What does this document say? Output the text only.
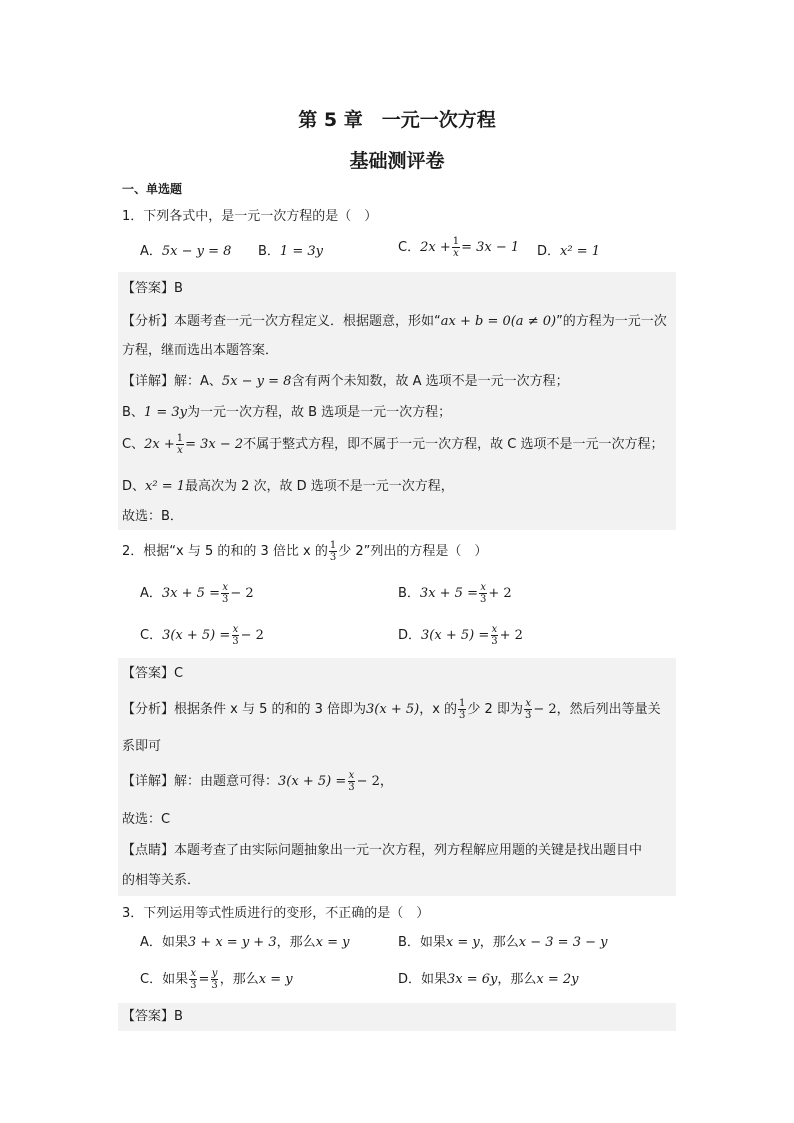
第 5 章　一元一次方程
基础测评卷
一、单选题
1．下列各式中，是一元一次方程的是（　）
A．5x − y = 8 B．1 = 3y	C．$2x + \frac{1}{x} = 3x - 1$ D．x² = 1
【答案】B
【分析】本题考查一元一次方程定义．根据题意，形如“ax + b = 0(a ≠ 0)”的方程为一元一次
方程，继而选出本题答案．
【详解】解：A、5x − y = 8含有两个未知数，故 A 选项不是一元一次方程；
B、1 = 3y为一元一次方程，故 B 选项是一元一次方程；
C、$2x + \frac{1}{x} = 3x - 2$不属于整式方程，即不属于一元一次方程，故 C 选项不是一元一次方程；
D、x² = 1最高次为 2 次，故 D 选项不是一元一次方程，
故选：B．
2．根据“x 与 5 的和的 3 倍比 x 的 $\frac{1}{3}$ 少 2”列出的方程是（　）
A．$3x + 5 = \frac{x}{3} - 2$	B．$3x + 5 = \frac{x}{3} + 2$
C．$3(x + 5) = \frac{x}{3} - 2$	D．$3(x + 5) = \frac{x}{3} + 2$
【答案】C
【分析】根据条件 x 与 5 的和的 3 倍即为3(x + 5)，x 的 $\frac{1}{3}$ 少 2 即为 $\frac{x}{3} - 2$，然后列出等量关
系即可
【详解】解：由题意可得：$3(x + 5) = \frac{x}{3} - 2$，
故选：C
【点睛】本题考查了由实际问题抽象出一元一次方程，列方程解应用题的关键是找出题目中
的相等关系．
3．下列运用等式性质进行的变形，不正确的是（　）
A．如果3 + x = y + 3，那么x = y	B．如果x = y，那么x − 3 = 3 − y
C．如果 $\frac{x}{3} = \frac{y}{3}$ ，那么x = y	D．如果3x = 6y，那么x = 2y
【答案】B
